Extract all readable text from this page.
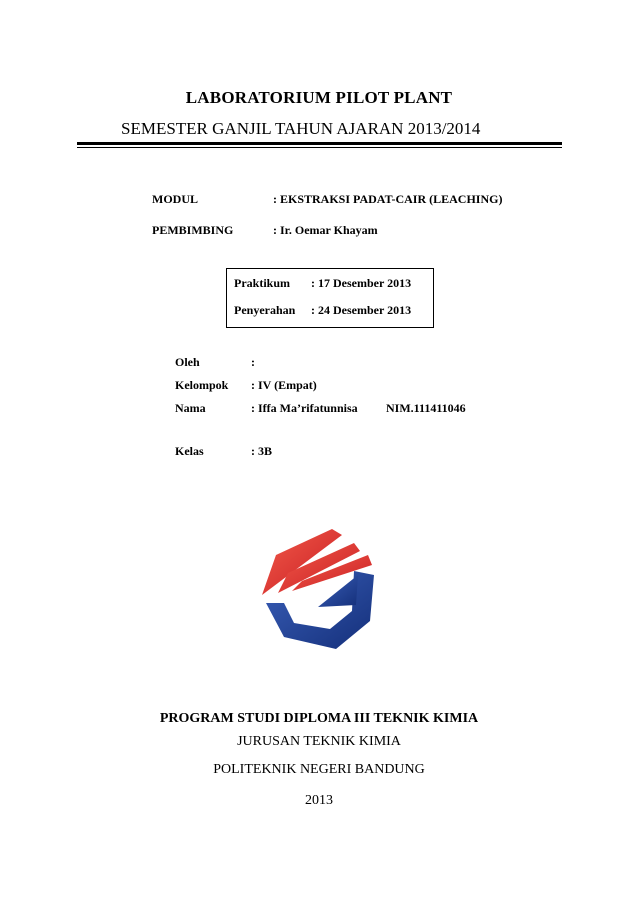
LABORATORIUM PILOT PLANT
SEMESTER GANJIL TAHUN AJARAN 2013/2014
MODUL	: EKSTRAKSI PADAT-CAIR (LEACHING)
PEMBIMBING	: Ir. Oemar Khayam
Praktikum : 17 Desember 2013
Penyerahan : 24 Desember 2013
Oleh	:
Kelompok : IV (Empat)
Nama	: Iffa Ma’rifatunnisa NIM.111411046
Kelas	: 3B
PROGRAM STUDI DIPLOMA III TEKNIK KIMIA
JURUSAN TEKNIK KIMIA
POLITEKNIK NEGERI BANDUNG
2013
